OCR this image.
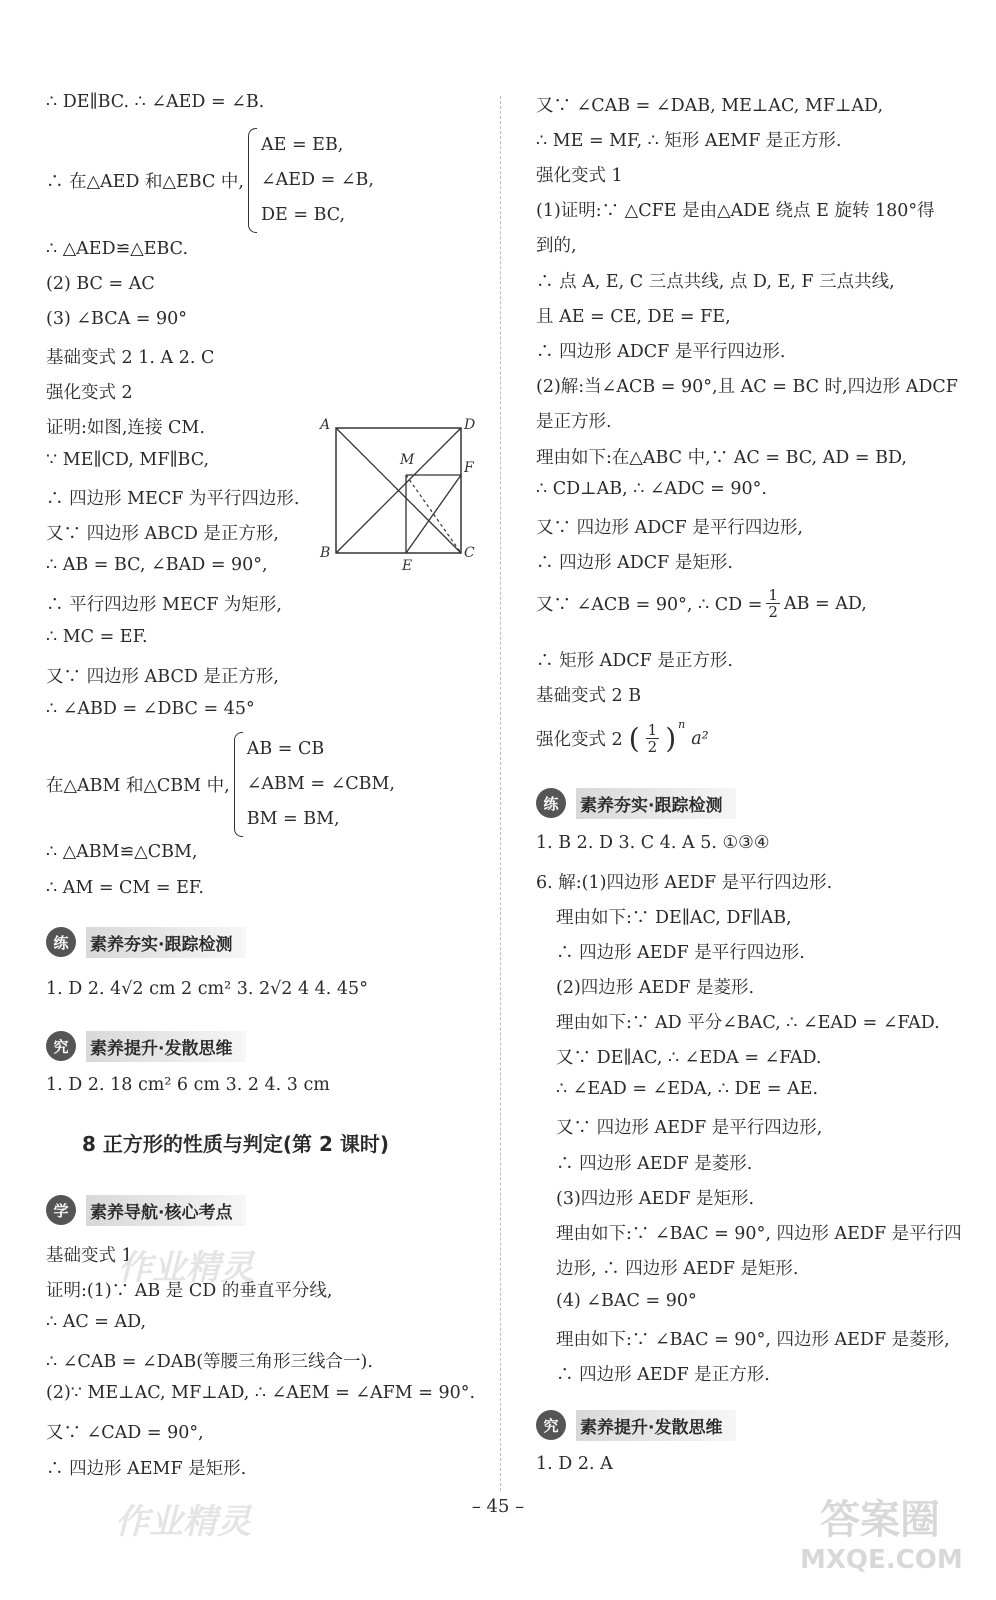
∴ DE∥BC. ∴ ∠AED = ∠B.
∴ 在△AED 和△EBC 中,
AE = EB,
∠AED = ∠B,
DE = BC,
∴ △AED≌△EBC.
(2) BC = AC
(3) ∠BCA = 90°
基础变式 2 1. A 2. C
强化变式 2
证明:如图,连接 CM.
∵ ME∥CD, MF∥BC,
∴ 四边形 MECF 为平行四边形.
又∵ 四边形 ABCD 是正方形,
∴ AB = BC, ∠BAD = 90°,
∴ 平行四边形 MECF 为矩形,
∴ MC = EF.
又∵ 四边形 ABCD 是正方形,
∴ ∠ABD = ∠DBC = 45°
在△ABM 和△CBM 中,
AB = CB
∠ABM = ∠CBM,
BM = BM,
∴ △ABM≌△CBM,
∴ AM = CM = EF.
练	素养夯实·跟踪检测
1. D 2. 4√2 cm 2 cm² 3. 2√2 4 4. 45°
究	素养提升·发散思维
1. D 2. 18 cm² 6 cm 3. 2 4. 3 cm
8 正方形的性质与判定(第 2 课时)
学	素养导航·核心考点
基础变式 1
证明:(1)∵ AB 是 CD 的垂直平分线,
∴ AC = AD,
∴ ∠CAB = ∠DAB(等腰三角形三线合一).
(2)∵ ME⊥AC, MF⊥AD, ∴ ∠AEM = ∠AFM = 90°.
又∵ ∠CAD = 90°,
∴ 四边形 AEMF 是矩形.
A	D
M	F
B
E
C
又∵ ∠CAB = ∠DAB, ME⊥AC, MF⊥AD,
∴ ME = MF, ∴ 矩形 AEMF 是正方形.
强化变式 1
(1)证明:∵ △CFE 是由△ADE 绕点 E 旋转 180°得
到的,
∴ 点 A, E, C 三点共线, 点 D, E, F 三点共线,
且 AE = CE, DE = FE,
∴ 四边形 ADCF 是平行四边形.
(2)解:当∠ACB = 90°,且 AC = BC 时,四边形 ADCF
是正方形.
理由如下:在△ABC 中,∵ AC = BC, AD = BD,
∴ CD⊥AB, ∴ ∠ADC = 90°.
又∵ 四边形 ADCF 是平行四边形,
∴ 四边形 ADCF 是矩形.
又∵ ∠ACB = 90°, ∴ CD = $\frac{1}{2}$ AB = AD,
∴ 矩形 ADCF 是正方形.
基础变式 2 B
强化变式 2 ( $\frac{1}{2}$ ) n
a²
练	素养夯实·跟踪检测
1. B 2. D 3. C 4. A 5. ①③④
6. 解:(1)四边形 AEDF 是平行四边形.
理由如下:∵ DE∥AC, DF∥AB,
∴ 四边形 AEDF 是平行四边形.
(2)四边形 AEDF 是菱形.
理由如下:∵ AD 平分∠BAC, ∴ ∠EAD = ∠FAD.
又∵ DE∥AC, ∴ ∠EDA = ∠FAD.
∴ ∠EAD = ∠EDA, ∴ DE = AE.
又∵ 四边形 AEDF 是平行四边形,
∴ 四边形 AEDF 是菱形.
(3)四边形 AEDF 是矩形.
理由如下:∵ ∠BAC = 90°, 四边形 AEDF 是平行四
边形, ∴ 四边形 AEDF 是矩形.
(4) ∠BAC = 90°
理由如下:∵ ∠BAC = 90°, 四边形 AEDF 是菱形,
∴ 四边形 AEDF 是正方形.
究	素养提升·发散思维
1. D 2. A
– 45 –
作业精灵
作业精灵	答案圈
MXQE.COM
